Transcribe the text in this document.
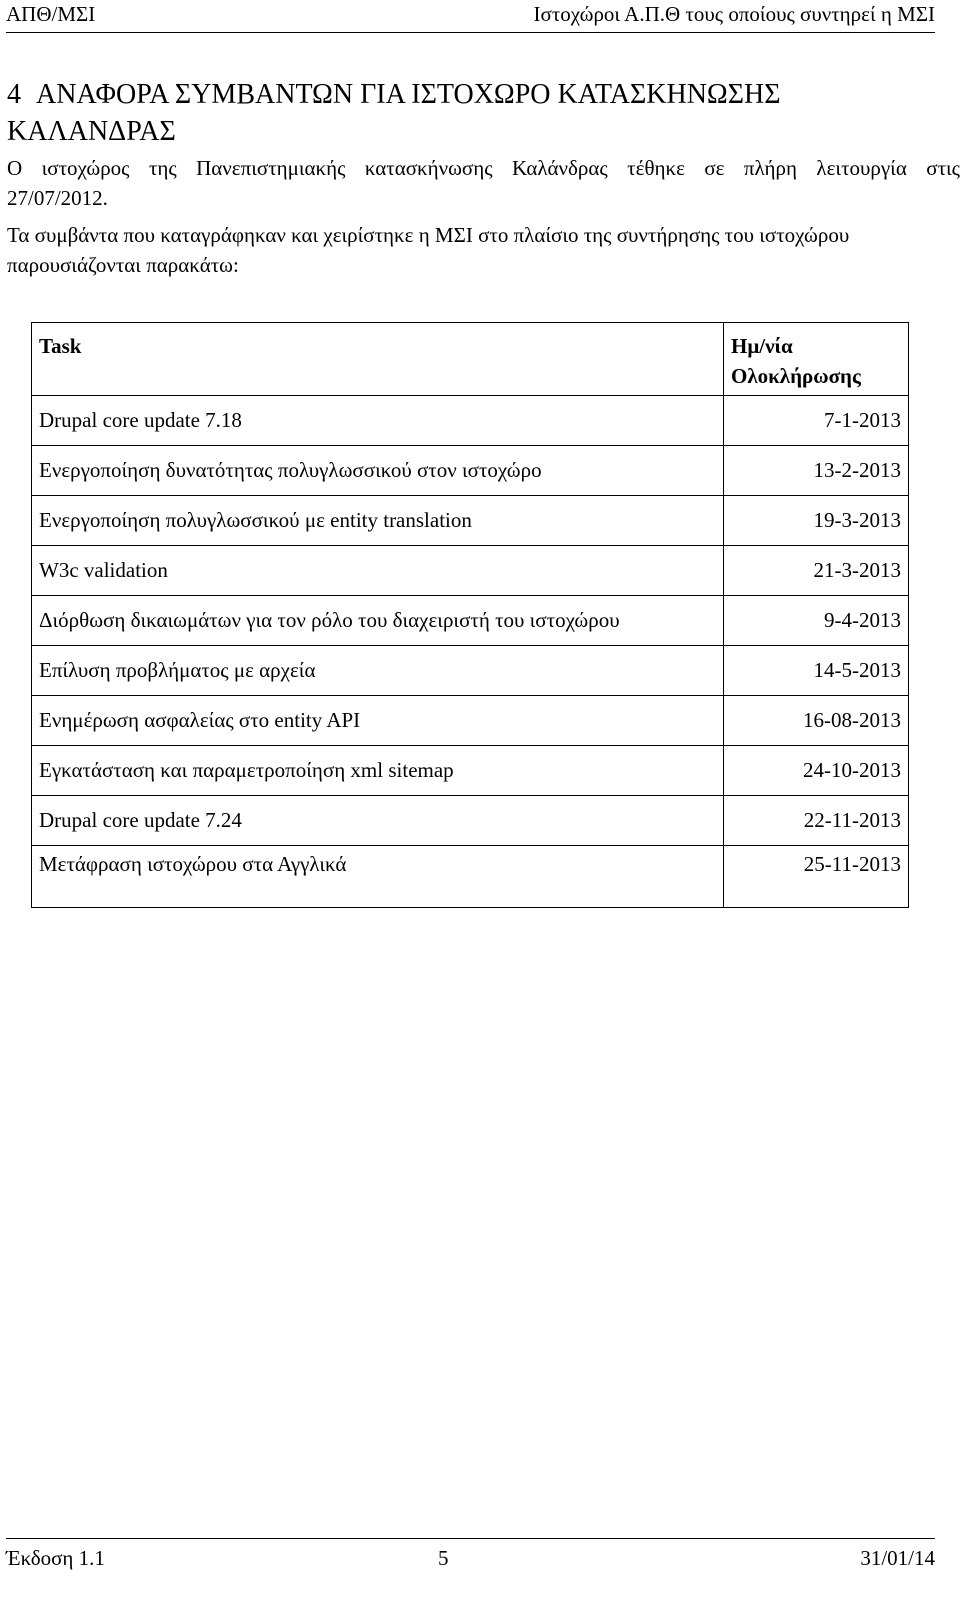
ΑΠΘ/ΜΣΙ	Ιστοχώροι Α.Π.Θ τους οποίους συντηρεί η ΜΣΙ
4 ΑΝΑΦΟΡΑ ΣΥΜΒΑΝΤΩΝ ΓΙΑ ΙΣΤΟΧΩΡΟ ΚΑΤΑΣΚΗΝΩΣΗΣ ΚΑΛΑΝΔΡΑΣ

Ο ιστοχώρος της Πανεπιστημιακής κατασκήνωσης Καλάνδρας τέθηκε σε πλήρη λειτουργία στις
27/07/2012.

Τα συμβάντα που καταγράφηκαν και χειρίστηκε η ΜΣΙ στο πλαίσιο της συντήρησης του ιστοχώρου παρουσιάζονται παρακάτω:

Task	Ημ/νία Ολοκλήρωσης
Drupal core update 7.18	7-1-2013
Ενεργοποίηση δυνατότητας πολυγλωσσικού στον ιστοχώρο	13-2-2013
Ενεργοποίηση πολυγλωσσικού με entity translation	19-3-2013
W3c validation	21-3-2013
Διόρθωση δικαιωμάτων για τον ρόλο του διαχειριστή του ιστοχώρου	9-4-2013
Επίλυση προβλήματος με αρχεία	14-5-2013
Ενημέρωση ασφαλείας στο entity API	16-08-2013
Εγκατάσταση και παραμετροποίηση xml sitemap	24-10-2013
Drupal core update 7.24	22-11-2013
Μετάφραση ιστοχώρου στα Αγγλικά	25-11-2013
Έκδοση 1.1	5	31/01/14
